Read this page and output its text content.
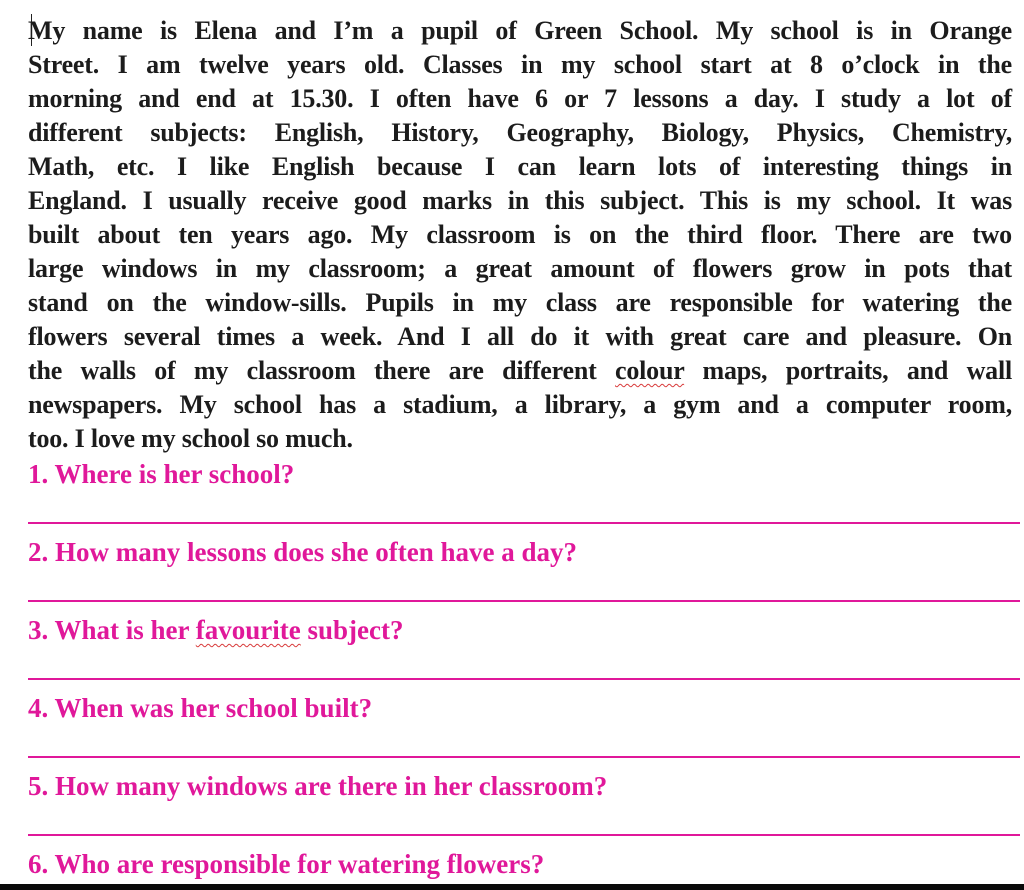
My name is Elena and I’m a pupil of Green School. My school is in Orange
Street. I am twelve years old. Classes in my school start at 8 o’clock in the
morning and end at 15.30. I often have 6 or 7 lessons a day. I study a lot of
different subjects: English, History, Geography, Biology, Physics, Chemistry,
Math, etc. I like English because I can learn lots of interesting things in
England. I usually receive good marks in this subject. This is my school. It was
built about ten years ago. My classroom is on the third floor. There are two
large windows in my classroom; a great amount of flowers grow in pots that
stand on the window-sills. Pupils in my class are responsible for watering the
flowers several times a week. And I all do it with great care and pleasure. On
the walls of my classroom there are different colour maps, portraits, and wall
newspapers. My school has a stadium, a library, a gym and a computer room,
too. I love my school so much.
1. Where is her school?
2. How many lessons does she often have a day?
3. What is her favourite subject?
4. When was her school built?
5. How many windows are there in her classroom?
6. Who are responsible for watering flowers?
